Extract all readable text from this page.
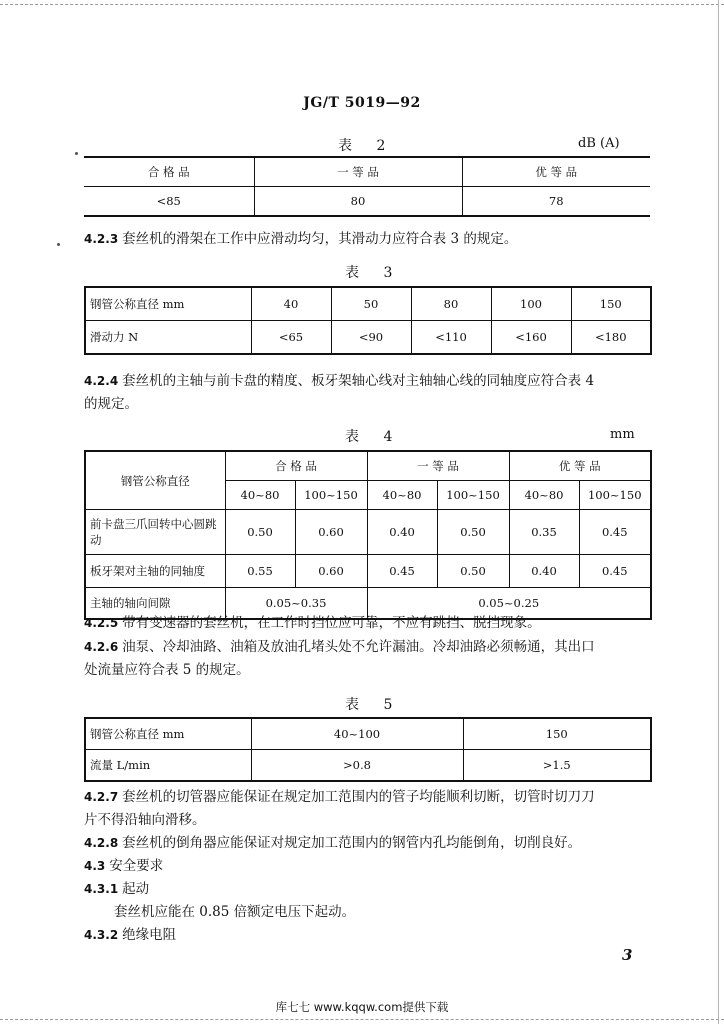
JG/T 5019—92
表 2	dB (A)
合 格 品	一 等 品	优 等 品
<85	80	78
4.2.3 套丝机的滑架在工作中应滑动均匀，其滑动力应符合表 3 的规定。
表 3
钢管公称直径 mm	40	50	80	100	150
滑动力 N	<65	<90	<110	<160	<180
4.2.4 套丝机的主轴与前卡盘的精度、板牙架轴心线对主轴轴心线的同轴度应符合表 4
的规定。
表 4	mm
钢管公称直径	合 格 品		一 等 品		优 等 品	
	40~80	100~150	40~80	100~150	40~80	100~150
前卡盘三爪回转中心圆跳动	0.50	0.60	0.40	0.50	0.35	0.45
板牙架对主轴的同轴度	0.55	0.60	0.45	0.50	0.40	0.45
主轴的轴向间隙	0.05~0.35		0.05~0.25			
4.2.5 带有变速器的套丝机，在工作时挡位应可靠，不应有跳挡、脱挡现象。
4.2.6 油泵、冷却油路、油箱及放油孔堵头处不允许漏油。冷却油路必须畅通，其出口
处流量应符合表 5 的规定。
表 5
钢管公称直径 mm	40~100	150
流量 L/min	>0.8	>1.5
4.2.7 套丝机的切管器应能保证在规定加工范围内的管子均能顺利切断，切管时切刀刀
片不得沿轴向滑移。
4.2.8 套丝机的倒角器应能保证对规定加工范围内的钢管内孔均能倒角，切削良好。
4.3 安全要求
4.3.1 起动
套丝机应能在 0.85 倍额定电压下起动。
4.3.2 绝缘电阻
3
库七七 www.kqqw.com提供下载
